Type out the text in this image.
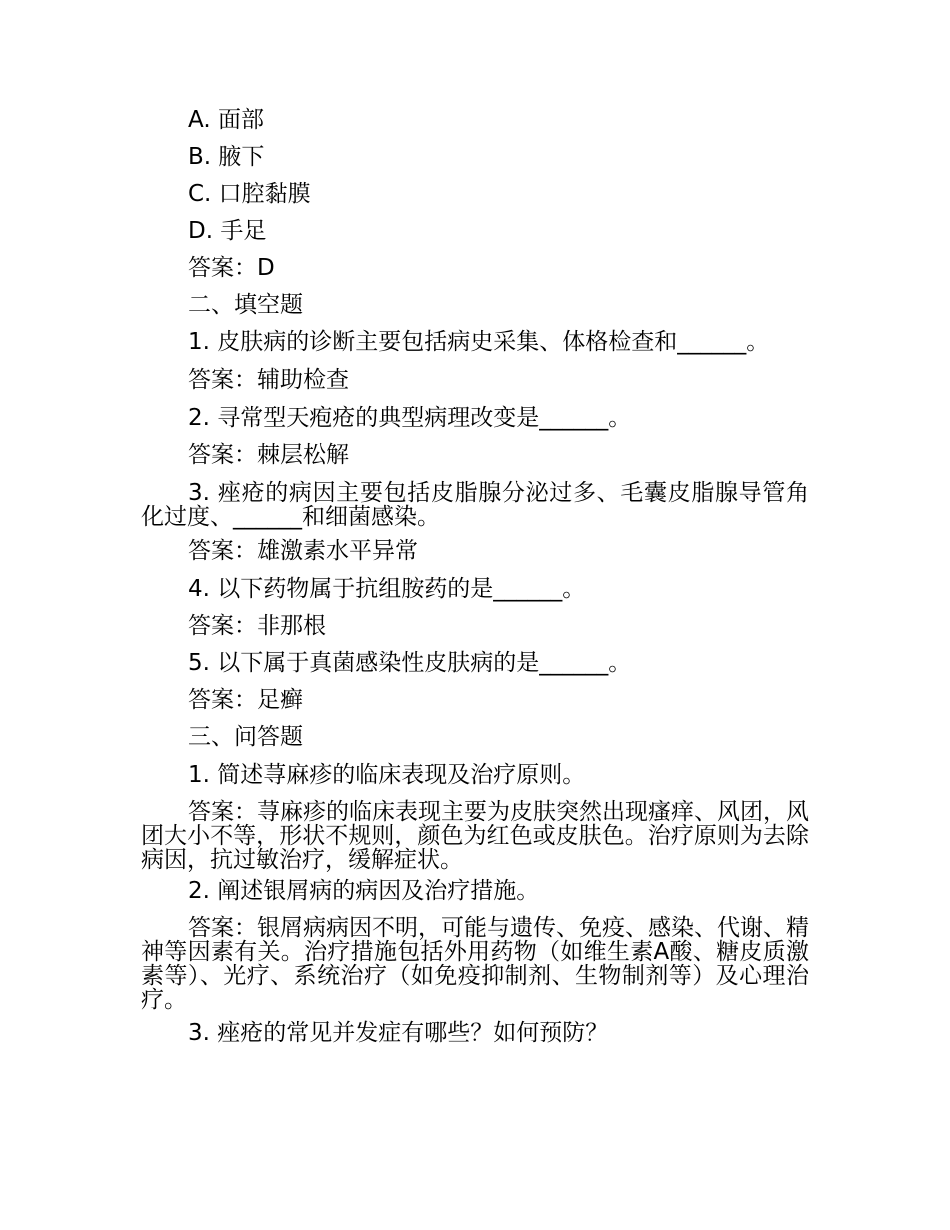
A. 面部
B. 腋下
C. 口腔黏膜
D. 手足
答案：D
二、填空题
1. 皮肤病的诊断主要包括病史采集、体格检查和______。
答案：辅助检查
2. 寻常型天疱疮的典型病理改变是______。
答案：棘层松解
3. 痤疮的病因主要包括皮脂腺分泌过多、毛囊皮脂腺导管角化过度、______和细菌感染。
答案：雄激素水平异常
4. 以下药物属于抗组胺药的是______。
答案：非那根
5. 以下属于真菌感染性皮肤病的是______。
答案：足癣
三、问答题
1. 简述荨麻疹的临床表现及治疗原则。
答案：荨麻疹的临床表现主要为皮肤突然出现瘙痒、风团，风团大小不等，形状不规则，颜色为红色或皮肤色。治疗原则为去除病因，抗过敏治疗，缓解症状。
2. 阐述银屑病的病因及治疗措施。
答案：银屑病病因不明，可能与遗传、免疫、感染、代谢、精神等因素有关。治疗措施包括外用药物（如维生素A酸、糖皮质激素等）、光疗、系统治疗（如免疫抑制剂、生物制剂等）及心理治疗。
3. 痤疮的常见并发症有哪些？如何预防？
